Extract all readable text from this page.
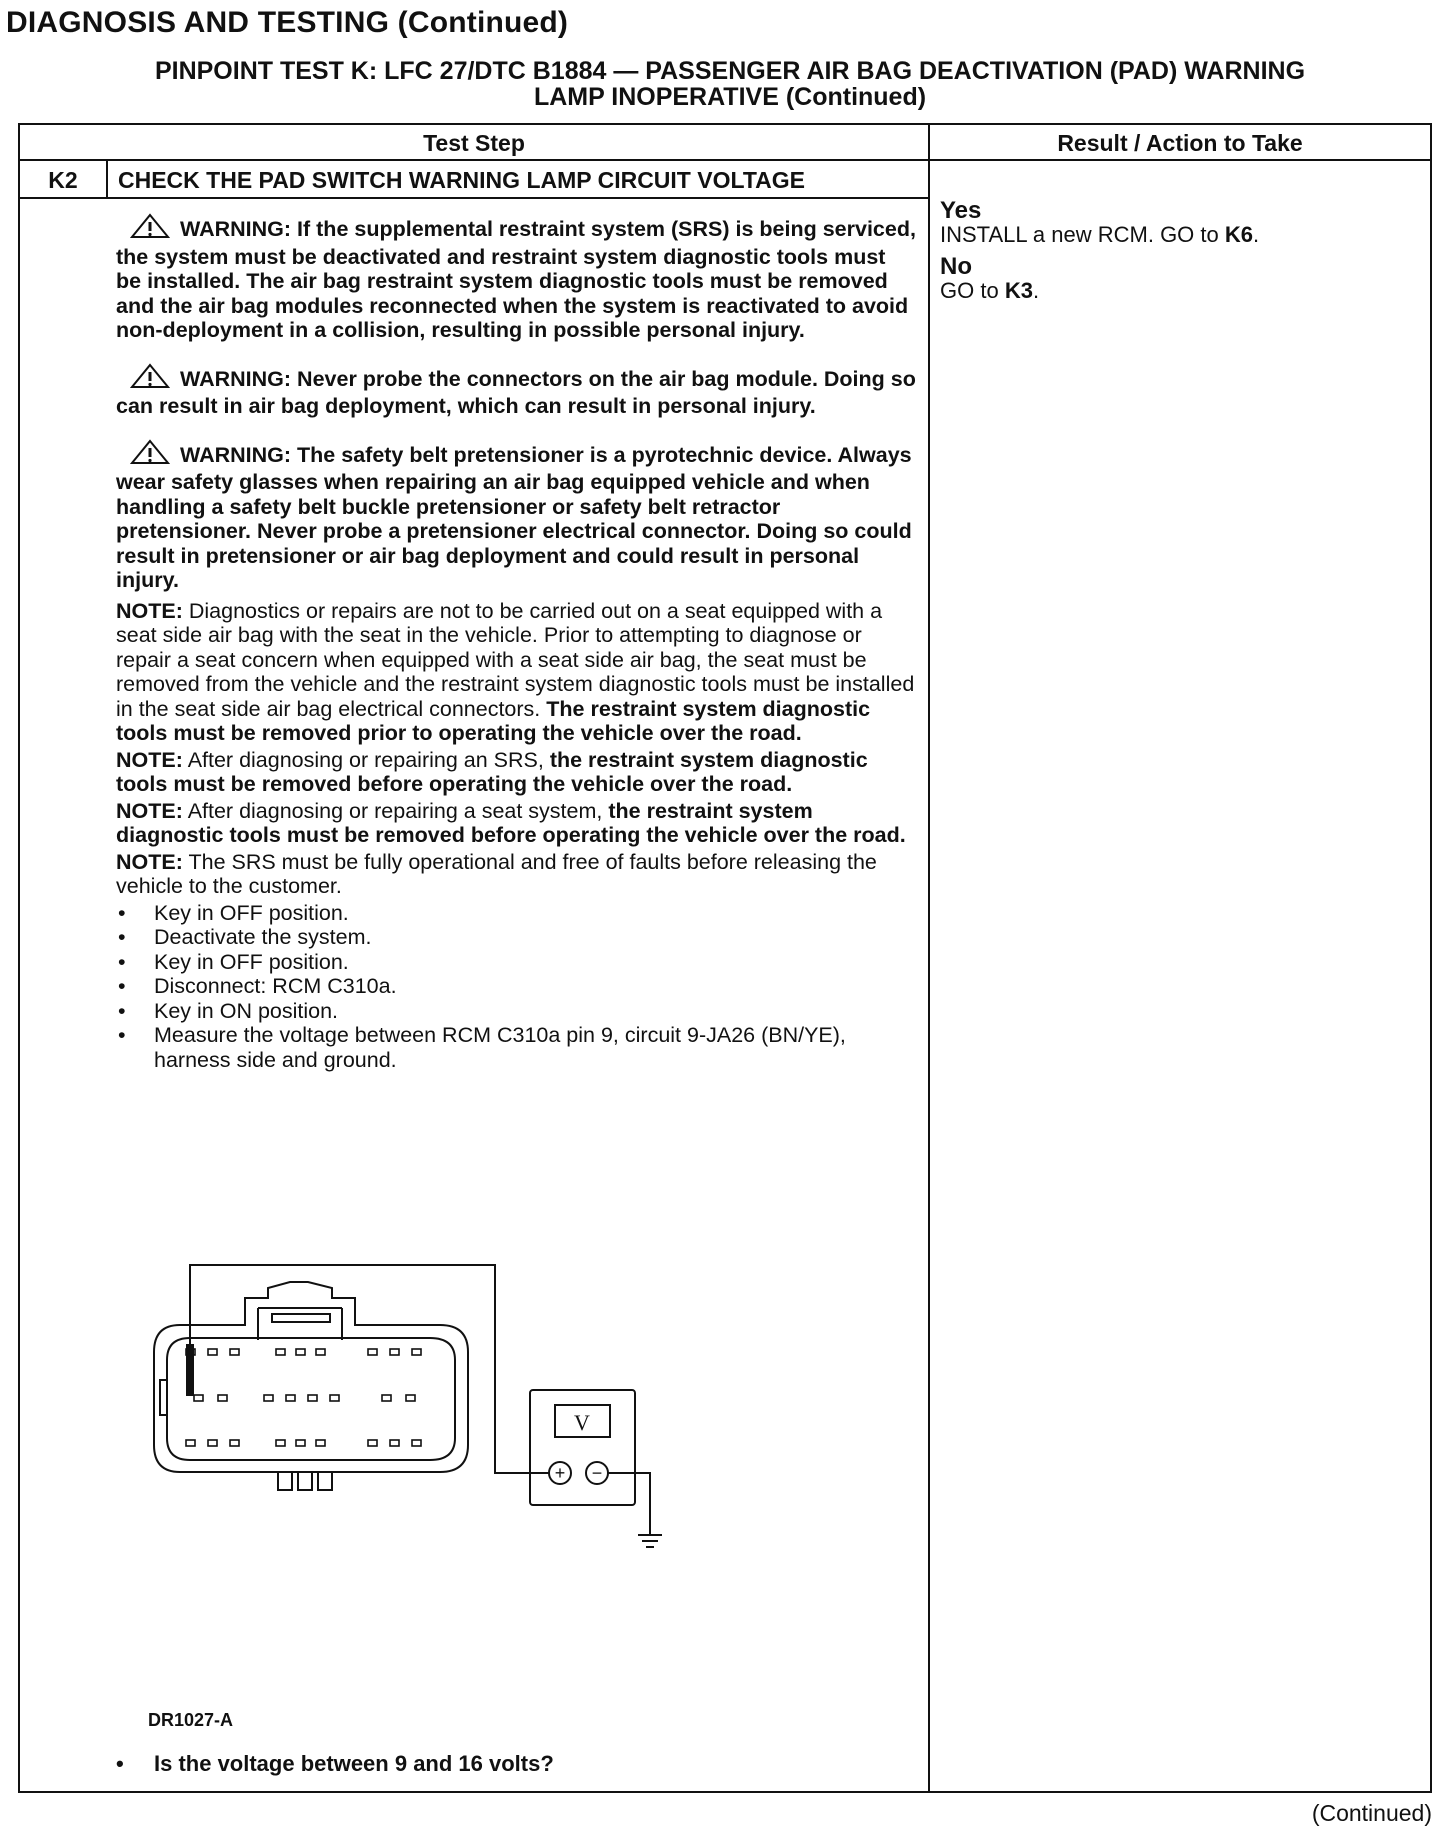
DIAGNOSIS AND TESTING (Continued)
PINPOINT TEST K: LFC 27/DTC B1884 — PASSENGER AIR BAG DEACTIVATION (PAD) WARNING
LAMP INOPERATIVE (Continued)
Test Step	Result / Action to Take
K2	CHECK THE PAD SWITCH WARNING LAMP CIRCUIT VOLTAGE

WARNING: If the supplemental restraint system (SRS) is being serviced, the system must be deactivated and restraint system diagnostic tools must be installed. The air bag restraint system diagnostic tools must be removed and the air bag modules reconnected when the system is reactivated to avoid non-deployment in a collision, resulting in possible personal injury.

WARNING: Never probe the connectors on the air bag module. Doing so can result in air bag deployment, which can result in personal injury.

WARNING: The safety belt pretensioner is a pyrotechnic device. Always wear safety glasses when repairing an air bag equipped vehicle and when handling a safety belt buckle pretensioner or safety belt retractor pretensioner. Never probe a pretensioner electrical connector. Doing so could result in pretensioner or air bag deployment and could result in personal injury.

NOTE: Diagnostics or repairs are not to be carried out on a seat equipped with a seat side air bag with the seat in the vehicle. Prior to attempting to diagnose or repair a seat concern when equipped with a seat side air bag, the seat must be removed from the vehicle and the restraint system diagnostic tools must be installed in the seat side air bag electrical connectors. The restraint system diagnostic tools must be removed prior to operating the vehicle over the road.

NOTE: After diagnosing or repairing an SRS, the restraint system diagnostic tools must be removed before operating the vehicle over the road.

NOTE: After diagnosing or repairing a seat system, the restraint system diagnostic tools must be removed before operating the vehicle over the road.

NOTE: The SRS must be fully operational and free of faults before releasing the vehicle to the customer.

• Key in OFF position.
• Deactivate the system.
• Key in OFF position.
• Disconnect: RCM C310a.
• Key in ON position.
• Measure the voltage between RCM C310a pin 9, circuit 9-JA26 (BN/YE), harness side and ground.
V
+ −
DR1027-A
• Is the voltage between 9 and 16 volts?
Yes
INSTALL a new RCM. GO to K6.
No
GO to K3.
(Continued)
